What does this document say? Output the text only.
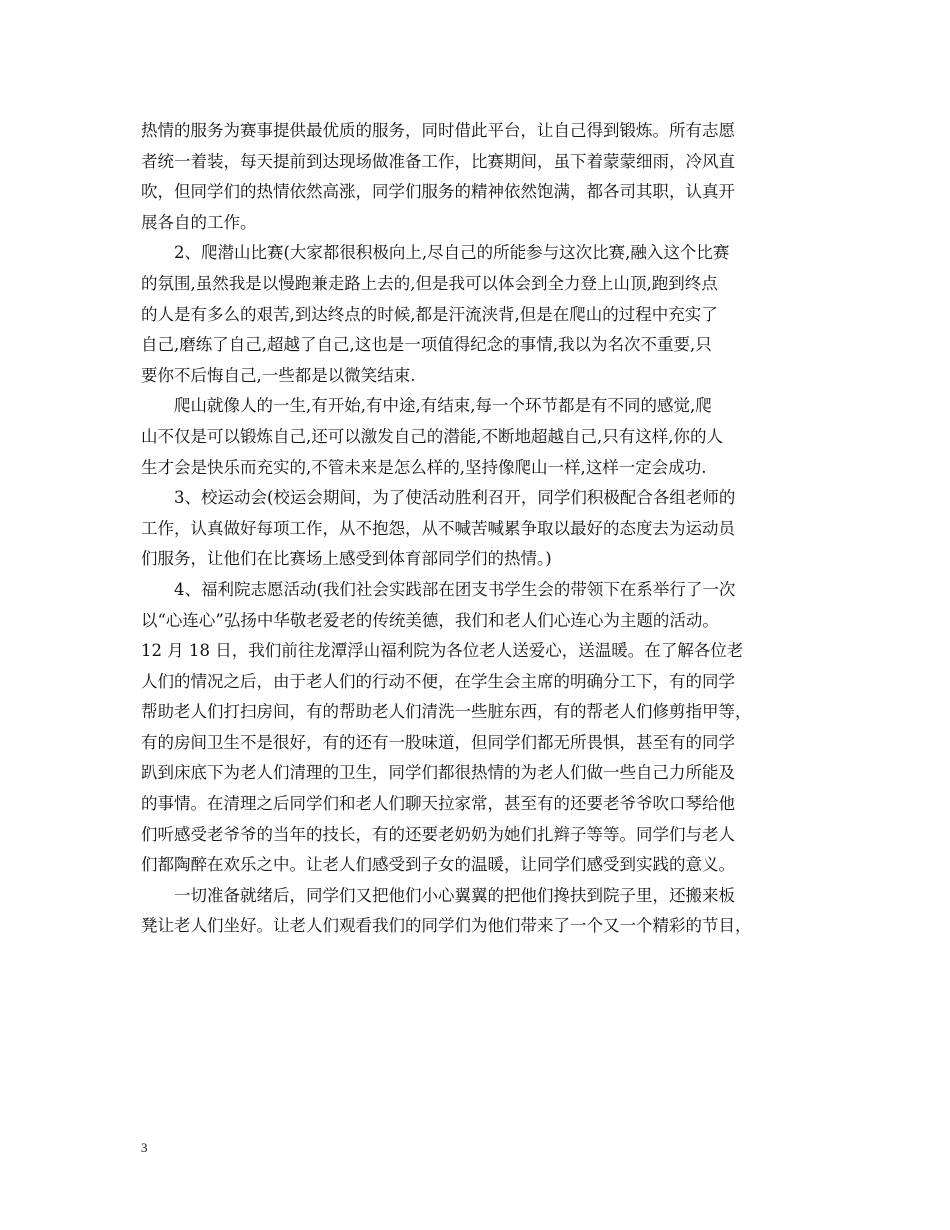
热情的服务为赛事提供最优质的服务，同时借此平台，让自己得到锻炼。所有志愿
者统一着装，每天提前到达现场做准备工作，比赛期间，虽下着蒙蒙细雨，冷风直
吹，但同学们的热情依然高涨，同学们服务的精神依然饱满，都各司其职，认真开
展各自的工作。
2、爬潜山比赛(大家都很积极向上,尽自己的所能参与这次比赛,融入这个比赛
的氛围,虽然我是以慢跑兼走路上去的,但是我可以体会到全力登上山顶,跑到终点
的人是有多么的艰苦,到达终点的时候,都是汗流浃背,但是在爬山的过程中充实了
自己,磨练了自己,超越了自己,这也是一项值得纪念的事情,我以为名次不重要,只
要你不后悔自己,一些都是以微笑结束.
爬山就像人的一生,有开始,有中途,有结束,每一个环节都是有不同的感觉,爬
山不仅是可以锻炼自己,还可以激发自己的潜能,不断地超越自己,只有这样,你的人
生才会是快乐而充实的,不管未来是怎么样的,坚持像爬山一样,这样一定会成功.
3、校运动会(校运会期间，为了使活动胜利召开，同学们积极配合各组老师的
工作，认真做好每项工作，从不抱怨，从不喊苦喊累争取以最好的态度去为运动员
们服务，让他们在比赛场上感受到体育部同学们的热情。)
4、福利院志愿活动(我们社会实践部在团支书学生会的带领下在系举行了一次
以“心连心”弘扬中华敬老爱老的传统美德，我们和老人们心连心为主题的活动。
12 月 18 日，我们前往龙潭浮山福利院为各位老人送爱心，送温暖。在了解各位老
人们的情况之后，由于老人们的行动不便，在学生会主席的明确分工下，有的同学
帮助老人们打扫房间，有的帮助老人们清洗一些脏东西，有的帮老人们修剪指甲等，
有的房间卫生不是很好，有的还有一股味道，但同学们都无所畏惧，甚至有的同学
趴到床底下为老人们清理的卫生，同学们都很热情的为老人们做一些自己力所能及
的事情。在清理之后同学们和老人们聊天拉家常，甚至有的还要老爷爷吹口琴给他
们听感受老爷爷的当年的技长，有的还要老奶奶为她们扎辫子等等。同学们与老人
们都陶醉在欢乐之中。让老人们感受到子女的温暖，让同学们感受到实践的意义。
一切准备就绪后，同学们又把他们小心翼翼的把他们搀扶到院子里，还搬来板
凳让老人们坐好。让老人们观看我们的同学们为他们带来了一个又一个精彩的节目，
3
